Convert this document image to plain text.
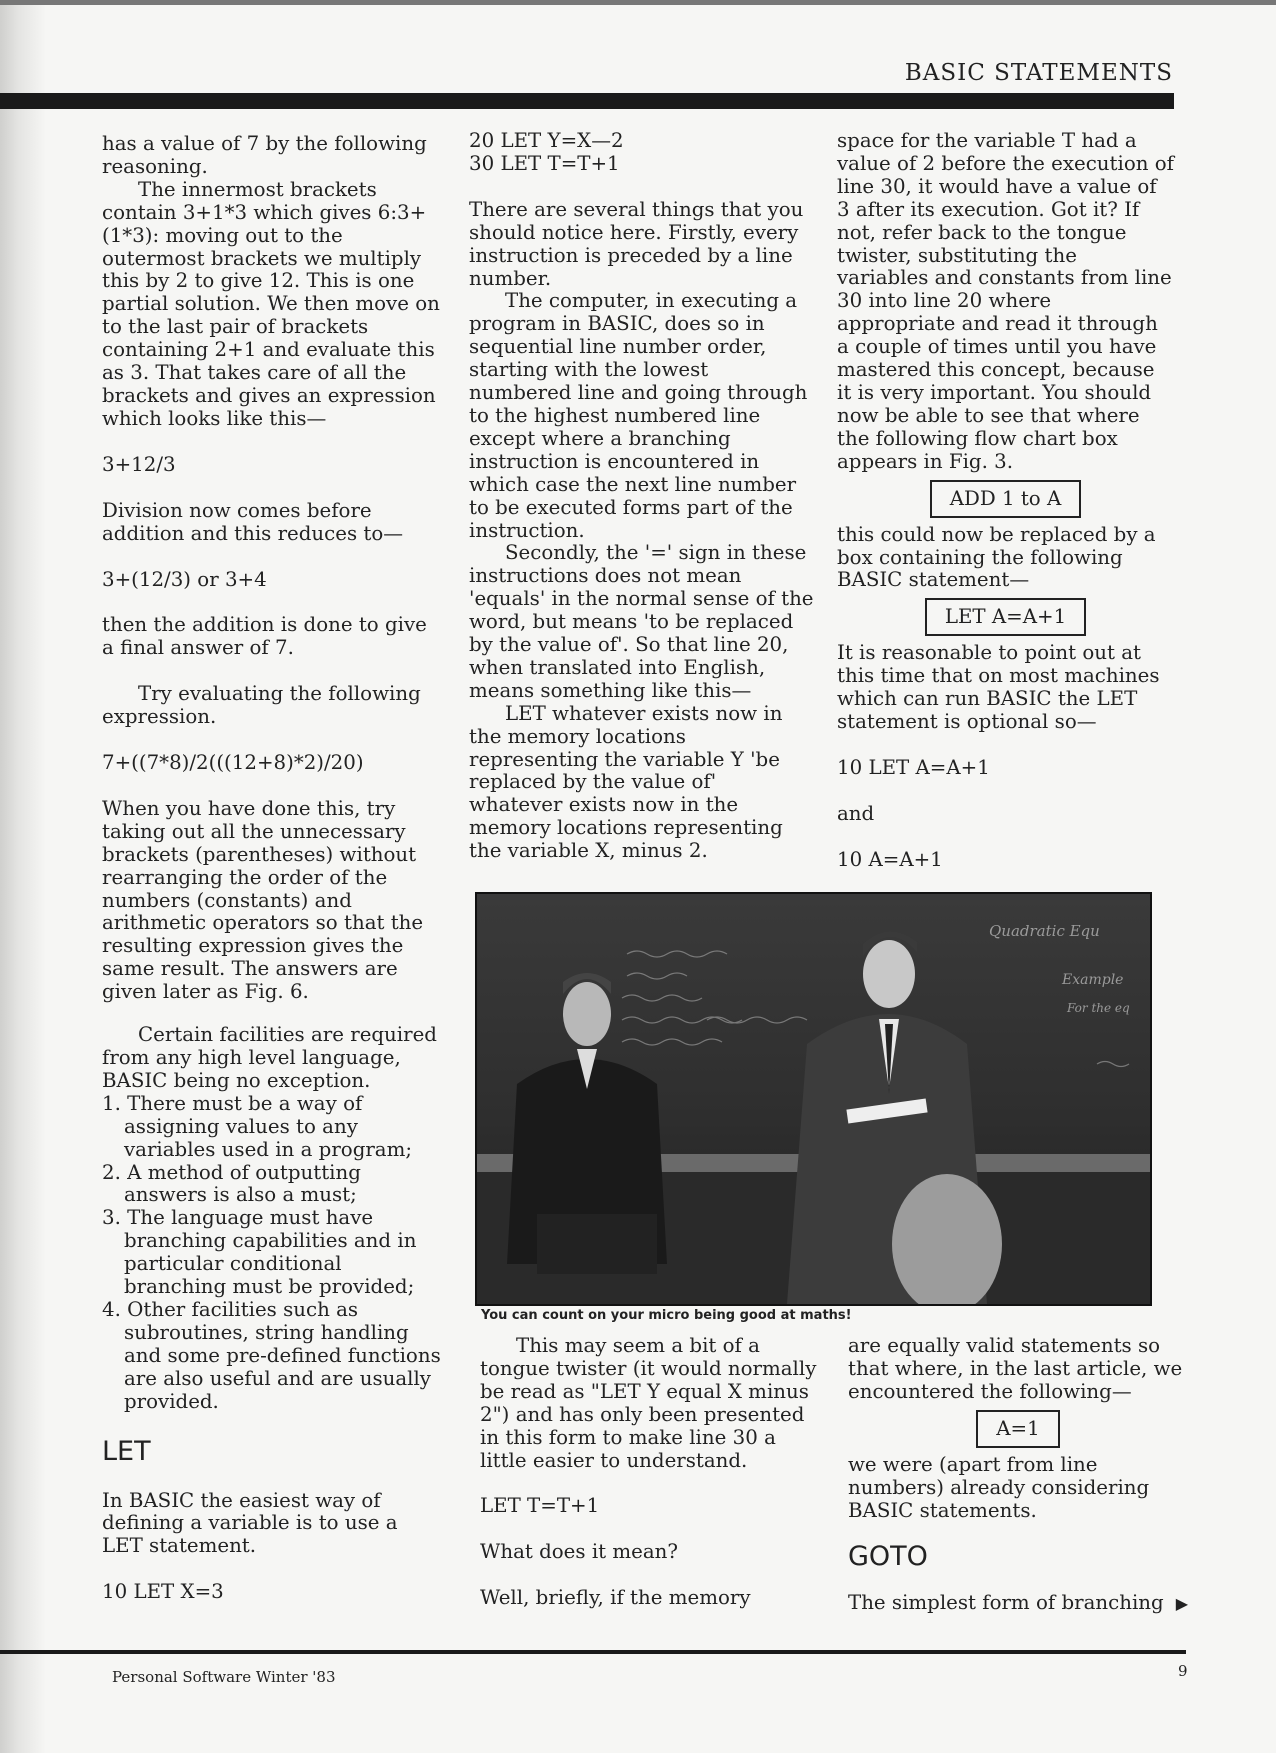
BASIC STATEMENTS

has a value of 7 by the following reasoning.

The innermost brackets contain 3+1*3 which gives 6:3+(1*3): moving out to the outermost brackets we multiply this by 2 to give 12. This is one partial solution. We then move on to the last pair of brackets containing 2+1 and evaluate this as 3. That takes care of all the brackets and gives an expression which looks like this—

3+12/3

Division now comes before addition and this reduces to—

3+(12/3) or 3+4

then the addition is done to give a final answer of 7.

Try evaluating the following expression.

7+((7*8)/2(((12+8)*2)/20)

When you have done this, try taking out all the unnecessary brackets (parentheses) without rearranging the order of the numbers (constants) and arithmetic operators so that the resulting expression gives the same result. The answers are given later as Fig. 6.

Certain facilities are required from any high level language, BASIC being no exception.

1. There must be a way of assigning values to any variables used in a program;
2. A method of outputting answers is also a must;
3. The language must have branching capabilities and in particular conditional branching must be provided;
4. Other facilities such as subroutines, string handling and some pre-defined functions are also useful and are usually provided.

LET

In BASIC the easiest way of defining a variable is to use a LET statement.

10 LET X=3

20 LET Y=X—2

30 LET T=T+1

There are several things that you should notice here. Firstly, every instruction is preceded by a line number.

The computer, in executing a program in BASIC, does so in sequential line number order, starting with the lowest numbered line and going through to the highest numbered line except where a branching instruction is encountered in which case the next line number to be executed forms part of the instruction.

Secondly, the '=' sign in these instructions does not mean 'equals' in the normal sense of the word, but means 'to be replaced by the value of'. So that line 20, when translated into English, means something like this—

LET whatever exists now in the memory locations representing the variable Y 'be replaced by the value of' whatever exists now in the memory locations representing the variable X, minus 2.

space for the variable T had a value of 2 before the execution of line 30, it would have a value of 3 after its execution. Got it? If not, refer back to the tongue twister, substituting the variables and constants from line 30 into line 20 where appropriate and read it through a couple of times until you have mastered this concept, because it is very important. You should now be able to see that where the following flow chart box appears in Fig. 3.

ADD 1 to A

this could now be replaced by a box containing the following BASIC statement—

LET A=A+1

It is reasonable to point out at this time that on most machines which can run BASIC the LET statement is optional so—

10 LET A=A+1

and

10 A=A+1

Quadratic Equ
Example
For the eq
You can count on your micro being good at maths!

This may seem a bit of a tongue twister (it would normally be read as "LET Y equal X minus 2") and has only been presented in this form to make line 30 a little easier to understand.

LET T=T+1

What does it mean?

Well, briefly, if the memory

are equally valid statements so that where, in the last article, we encountered the following—

A=1

we were (apart from line numbers) already considering BASIC statements.

GOTO

The simplest form of branching ▶

Personal Software Winter '83	9
